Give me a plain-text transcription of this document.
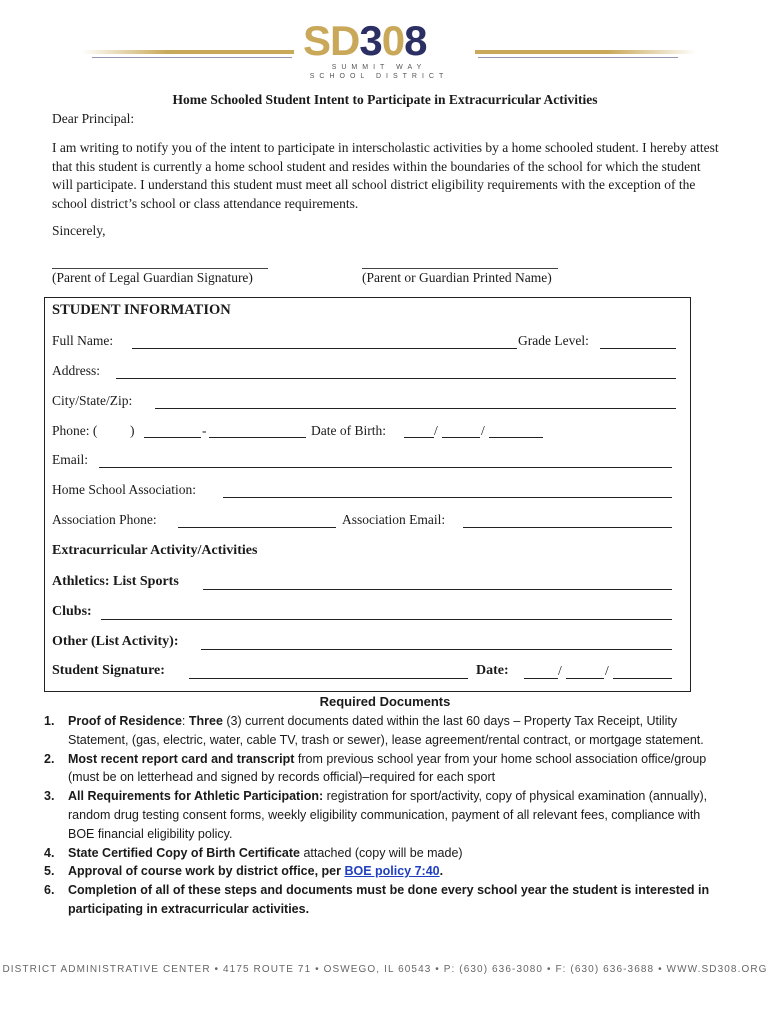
SD308
SUMMIT WAY
SCHOOL DISTRICT
Home Schooled Student Intent to Participate in Extracurricular Activities
Dear Principal:
I am writing to notify you of the intent to participate in interscholastic activities by a home schooled student. I hereby attest that this student is currently a home school student and resides within the boundaries of the school for which the student will participate. I understand this student must meet all school district eligibility requirements with the exception of the school district’s school or class attendance requirements.
Sincerely,
(Parent of Legal Guardian Signature)	(Parent or Guardian Printed Name)
STUDENT INFORMATION
Full Name:	Grade Level:
Address:
City/State/Zip:
Phone: ( )	-	Date of Birth:	/	/
Email:
Home School Association:
Association Phone:	Association Email:
Extracurricular Activity/Activities
Athletics: List Sports
Clubs:
Other (List Activity):
Student Signature:	Date:	/	/
Required Documents
1. Proof of Residence: Three (3) current documents dated within the last 60 days – Property Tax Receipt, Utility Statement, (gas, electric, water, cable TV, trash or sewer), lease agreement/rental contract, or mortgage statement.
2. Most recent report card and transcript from previous school year from your home school association office/group (must be on letterhead and signed by records official)–required for each sport
3. All Requirements for Athletic Participation: registration for sport/activity, copy of physical examination (annually), random drug testing consent forms, weekly eligibility communication, payment of all relevant fees, compliance with BOE financial eligibility policy.
4. State Certified Copy of Birth Certificate attached (copy will be made)
5. Approval of course work by district office, per BOE policy 7:40.
6. Completion of all of these steps and documents must be done every school year the student is interested in participating in extracurricular activities.
DISTRICT ADMINISTRATIVE CENTER • 4175 ROUTE 71 • OSWEGO, IL 60543 • P: (630) 636-3080 • F: (630) 636-3688 • WWW.SD308.ORG
